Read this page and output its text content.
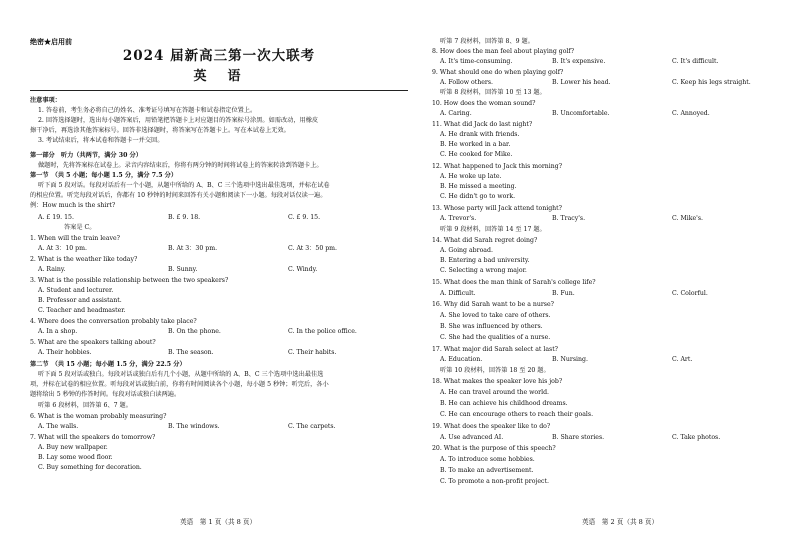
绝密★启用前
2024 届新高三第一次大联考
英　语
注意事项：
1. 答卷前，考生务必将自己的姓名、准考证号填写在答题卡和试卷指定位置上。
2. 回答选择题时，选出每小题答案后，用铅笔把答题卡上对应题目的答案标号涂黑。如需改动，用橡皮
擦干净后，再选涂其他答案标号。回答非选择题时，将答案写在答题卡上。写在本试卷上无效。
3. 考试结束后，将本试卷和答题卡一并交回。
第一部分　听力（共两节，满分 30 分）
做题时，先将答案标在试卷上。录音内容结束后，你将有两分钟的时间将试卷上的答案转涂到答题卡上。
第一节　（共 5 小题；每小题 1.5 分，满分 7.5 分）
听下面 5 段对话。每段对话后有一个小题，从题中所给的 A、B、C 三个选项中选出最佳选项，并标在试卷
的相应位置。听完每段对话后，你都有 10 秒钟的时间来回答有关小题和阅读下一小题。每段对话仅读一遍。
例：How much is the shirt?
A. £ 19. 15.	B. £ 9. 18.	C. £ 9. 15.
答案是 C。
1. When will the train leave?
A. At 3：10 pm.	B. At 3：30 pm.	C. At 3：50 pm.
2. What is the weather like today?
A. Rainy.	B. Sunny.	C. Windy.
3. What is the possible relationship between the two speakers?
A. Student and lecturer.
B. Professor and assistant.
C. Teacher and headmaster.
4. Where does the conversation probably take place?
A. In a shop.	B. On the phone.	C. In the police office.
5. What are the speakers talking about?
A. Their hobbies.	B. The season.	C. Their habits.
第二节　（共 15 小题；每小题 1.5 分，满分 22.5 分）
听下面 5 段对话或独白。每段对话或独白后有几个小题，从题中所给的 A、B、C 三个选项中选出最佳选
项，并标在试卷的相应位置。听每段对话或独白前，你将有时间阅读各个小题，每小题 5 秒钟；听完后，各小
题将给出 5 秒钟的作答时间。每段对话或独白读两遍。
听第 6 段材料，回答第 6、7 题。
6. What is the woman probably measuring?
A. The walls.	B. The windows.	C. The carpets.
7. What will the speakers do tomorrow?
A. Buy new wallpaper.
B. Lay some wood floor.
C. Buy something for decoration.
英语　第 1 页（共 8 页）
听第 7 段材料，回答第 8、9 题。
8. How does the man feel about playing golf?
A. It's time-consuming.	B. It's expensive.	C. It's difficult.
9. What should one do when playing golf?
A. Follow others.	B. Lower his head.	C. Keep his legs straight.
听第 8 段材料，回答第 10 至 13 题。
10. How does the woman sound?
A. Caring.	B. Uncomfortable.	C. Annoyed.
11. What did Jack do last night?
A. He drank with friends.
B. He worked in a bar.
C. He cooked for Mike.
12. What happened to Jack this morning?
A. He woke up late.
B. He missed a meeting.
C. He didn't go to work.
13. Whose party will Jack attend tonight?
A. Trevor's.	B. Tracy's.	C. Mike's.
听第 9 段材料，回答第 14 至 17 题。
14. What did Sarah regret doing?
A. Going abroad.
B. Entering a bad university.
C. Selecting a wrong major.
15. What does the man think of Sarah's college life?
A. Difficult.	B. Fun.	C. Colorful.
16. Why did Sarah want to be a nurse?
A. She loved to take care of others.
B. She was influenced by others.
C. She had the qualities of a nurse.
17. What major did Sarah select at last?
A. Education.	B. Nursing.	C. Art.
听第 10 段材料，回答第 18 至 20 题。
18. What makes the speaker love his job?
A. He can travel around the world.
B. He can achieve his childhood dreams.
C. He can encourage others to reach their goals.
19. What does the speaker like to do?
A. Use advanced AI.	B. Share stories.	C. Take photos.
20. What is the purpose of this speech?
A. To introduce some hobbies.
B. To make an advertisement.
C. To promote a non-profit project.
英语　第 2 页（共 8 页）
